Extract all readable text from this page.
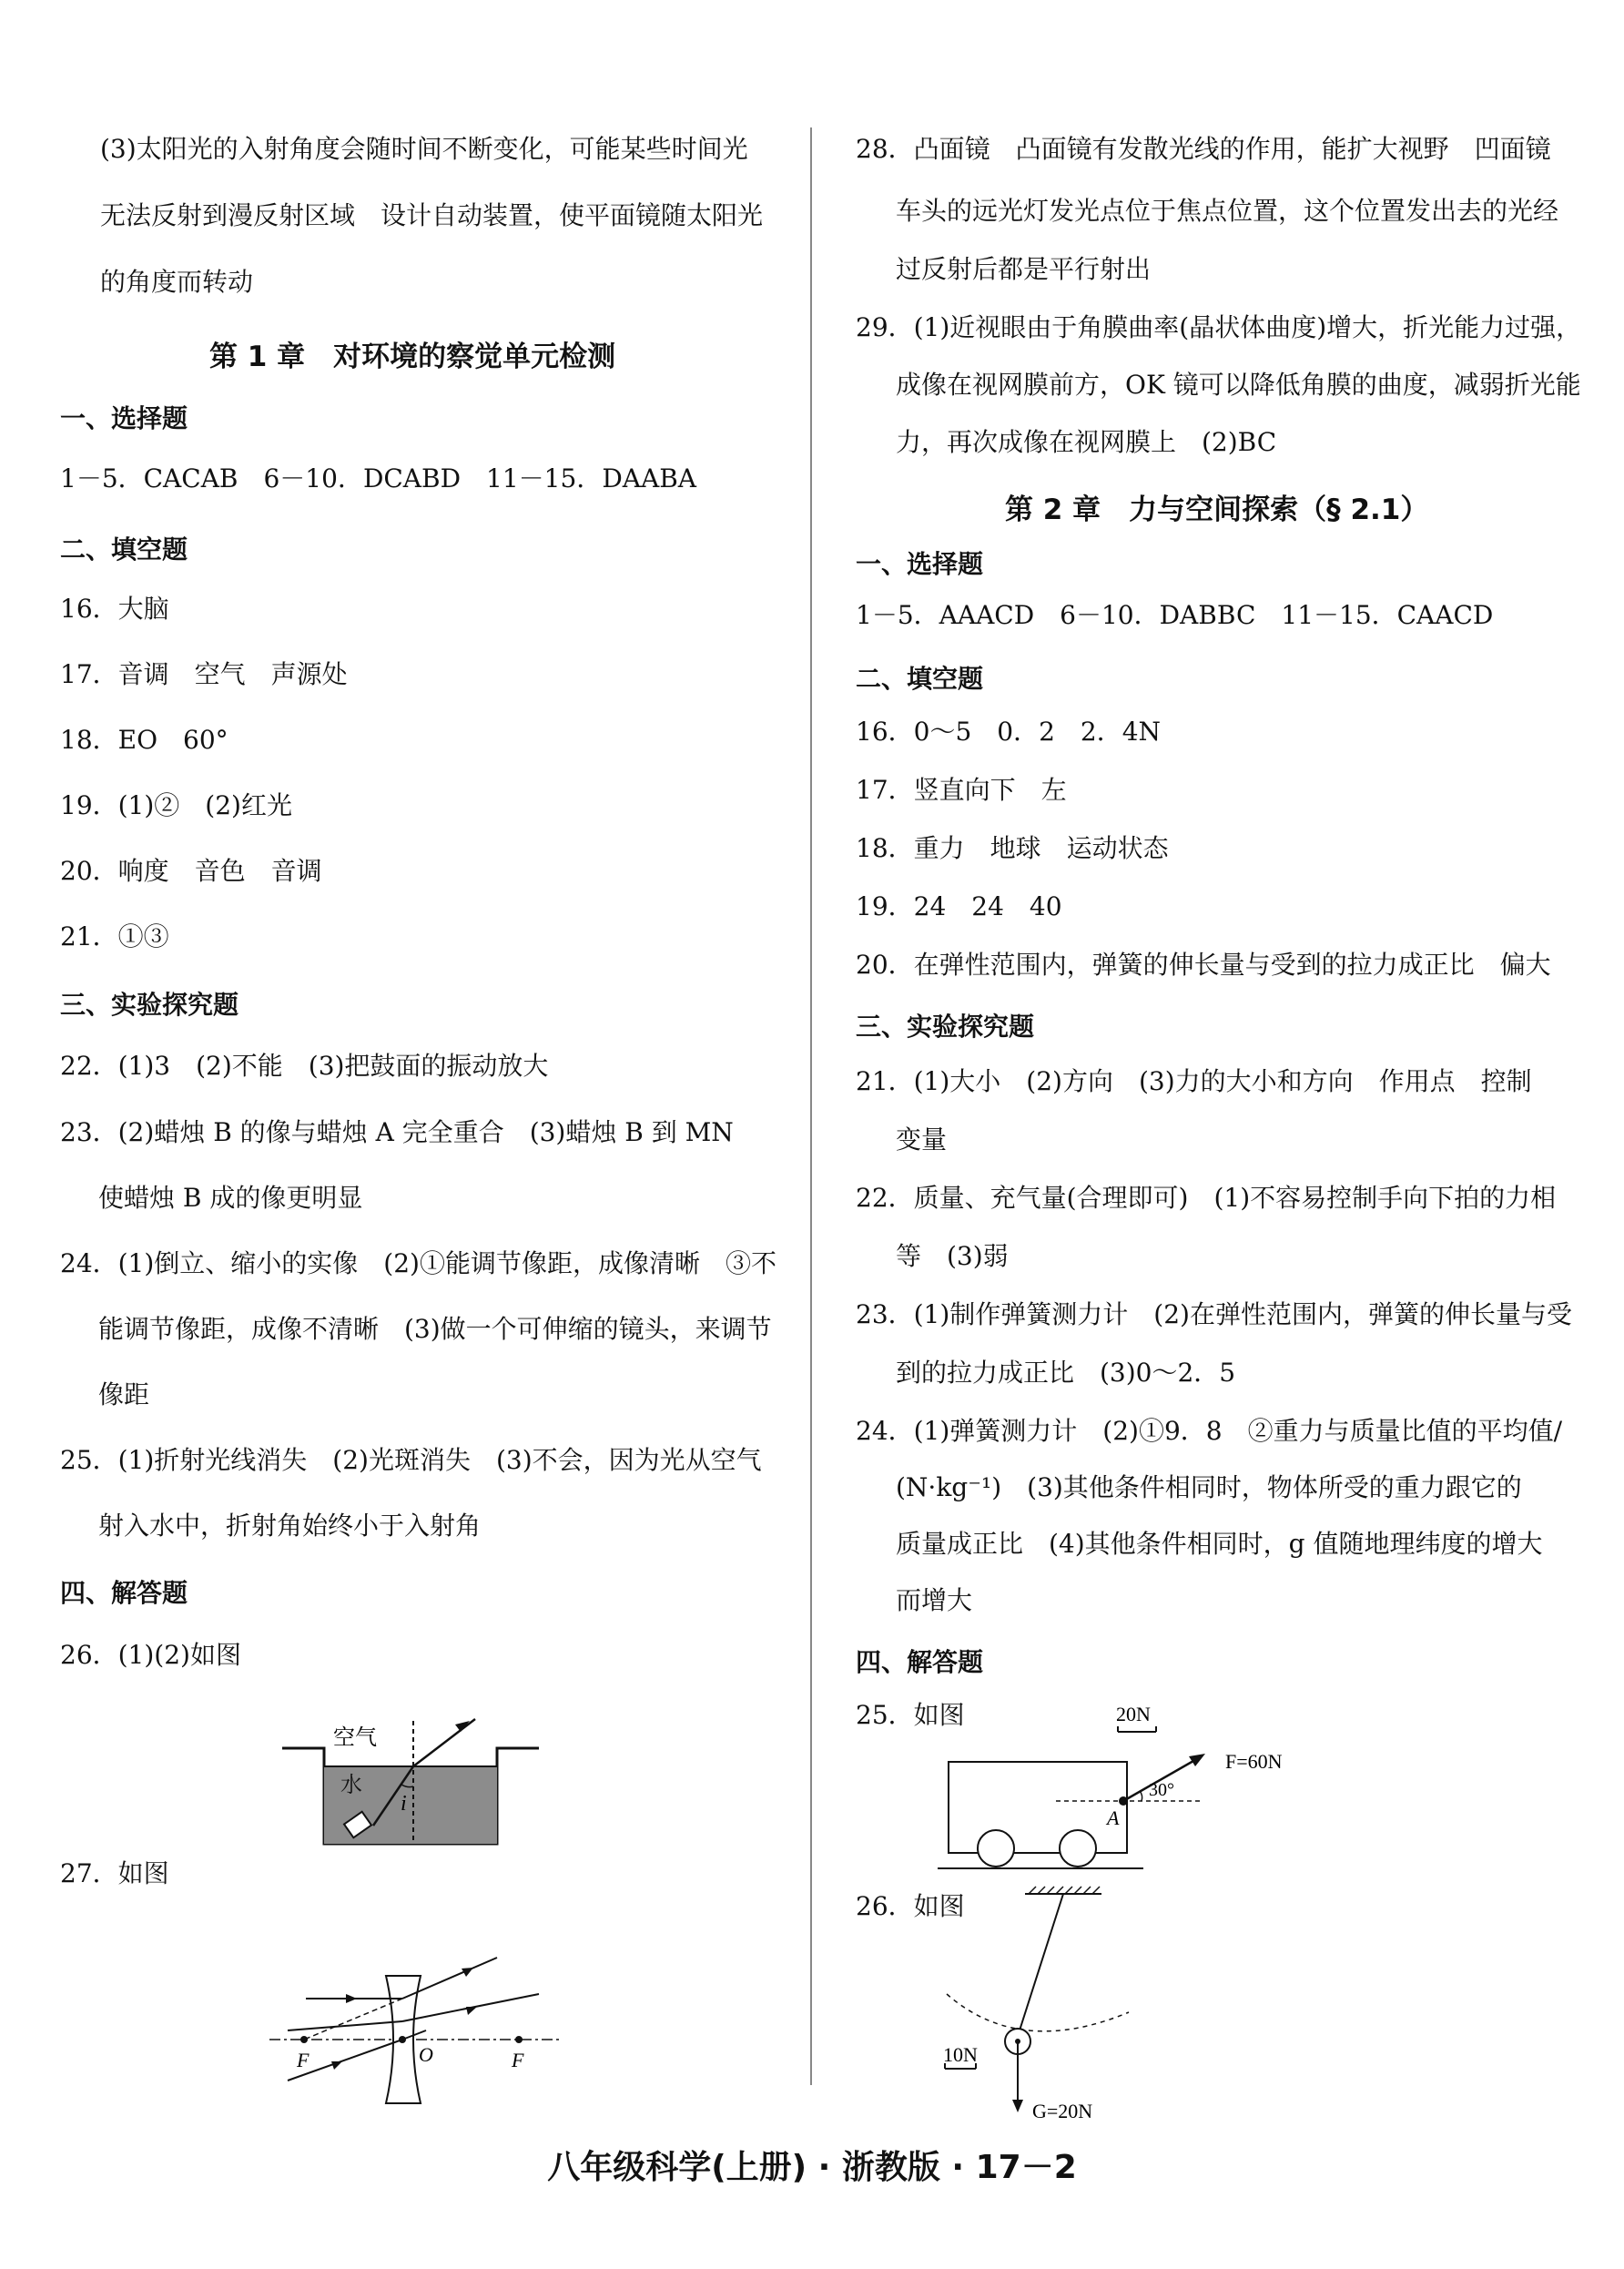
(3)太阳光的入射角度会随时间不断变化，可能某些时间光
无法反射到漫反射区域　设计自动装置，使平面镜随太阳光
的角度而转动
第 1 章　对环境的察觉单元检测
一、选择题
1－5．CACAB　6－10．DCABD　11－15．DAABA
二、填空题
16．大脑
17．音调　空气　声源处
18．EO　60°
19．(1)②　(2)红光
20．响度　音色　音调
21．①③
三、实验探究题
22．(1)3　(2)不能　(3)把鼓面的振动放大
23．(2)蜡烛 B 的像与蜡烛 A 完全重合　(3)蜡烛 B 到 MN
使蜡烛 B 成的像更明显
24．(1)倒立、缩小的实像　(2)①能调节像距，成像清晰　③不
能调节像距，成像不清晰　(3)做一个可伸缩的镜头，来调节
像距
25．(1)折射光线消失　(2)光斑消失　(3)不会，因为光从空气
射入水中，折射角始终小于入射角
四、解答题
26．(1)(2)如图
空气
水
i
27．如图
F	O	F
28．凸面镜　凸面镜有发散光线的作用，能扩大视野　凹面镜
车头的远光灯发光点位于焦点位置，这个位置发出去的光经
过反射后都是平行射出
29．(1)近视眼由于角膜曲率(晶状体曲度)增大，折光能力过强，
成像在视网膜前方，OK 镜可以降低角膜的曲度，减弱折光能
力，再次成像在视网膜上　(2)BC
第 2 章　力与空间探索（§ 2.1）
一、选择题
1－5．AAACD　6－10．DABBC　11－15．CAACD
二、填空题
16．0～5　0．2　2．4N
17．竖直向下　左
18．重力　地球　运动状态
19．24　24　40
20．在弹性范围内，弹簧的伸长量与受到的拉力成正比　偏大
三、实验探究题
21．(1)大小　(2)方向　(3)力的大小和方向　作用点　控制
变量
22．质量、充气量(合理即可)　(1)不容易控制手向下拍的力相
等　(3)弱
23．(1)制作弹簧测力计　(2)在弹性范围内，弹簧的伸长量与受
到的拉力成正比　(3)0～2．5
24．(1)弹簧测力计　(2)①9．8　②重力与质量比值的平均值/
(N·kg⁻¹)　(3)其他条件相同时，物体所受的重力跟它的
质量成正比　(4)其他条件相同时，g 值随地理纬度的增大
而增大
四、解答题
25．如图	20N
A
30°
F=60N
26．如图
10N
G=20N
八年级科学(上册) · 浙教版 · 17－2
